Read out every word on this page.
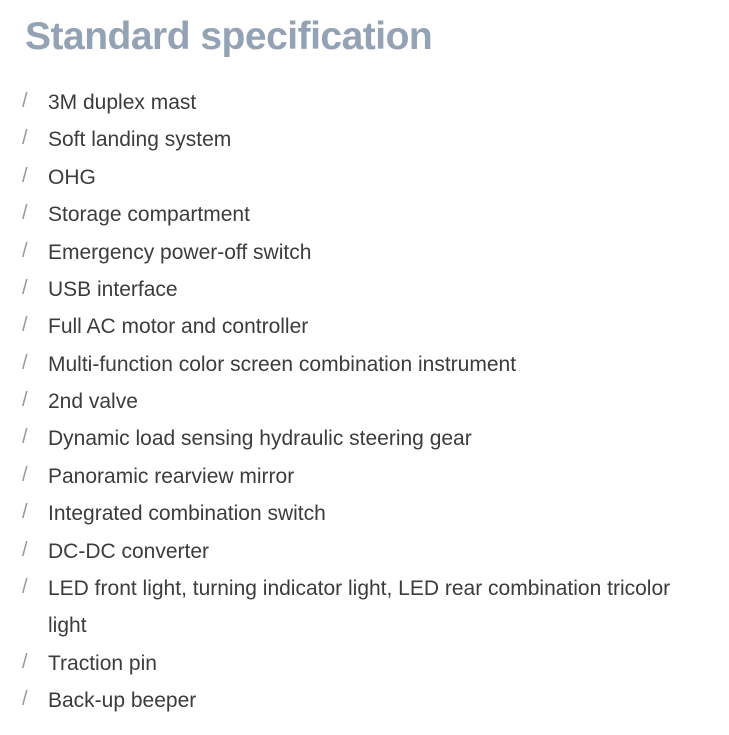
Standard specification
/ 3M duplex mast
/ Soft landing system
/ OHG
/ Storage compartment
/ Emergency power-off switch
/ USB interface
/ Full AC motor and controller
/ Multi-function color screen combination instrument
/ 2nd valve
/ Dynamic load sensing hydraulic steering gear
/ Panoramic rearview mirror
/ Integrated combination switch
/ DC-DC converter
/ LED front light, turning indicator light, LED rear combination tricolor light
/ Traction pin
/ Back-up beeper
